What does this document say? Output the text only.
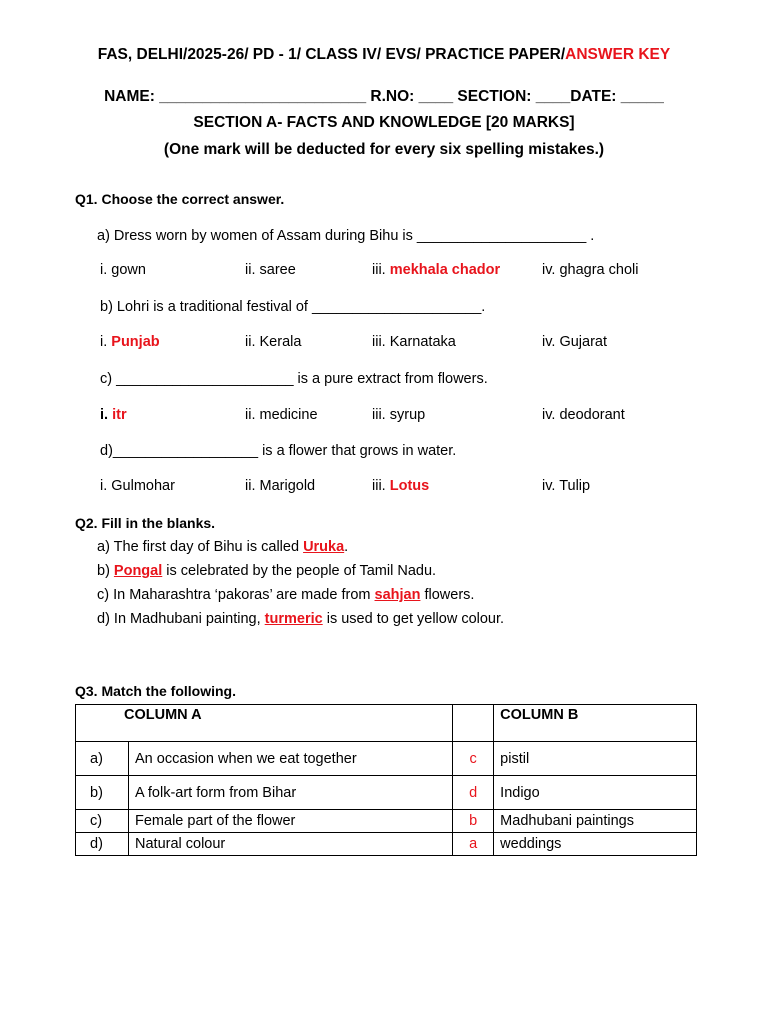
FAS, DELHI/2025-26/ PD - 1/ CLASS IV/ EVS/ PRACTICE PAPER/ANSWER KEY
NAME: ________________________ R.NO: ____ SECTION: ____DATE: _____
SECTION A- FACTS AND KNOWLEDGE [20 MARKS]
(One mark will be deducted for every six spelling mistakes.)
Q1. Choose the correct answer.
a) Dress worn by women of Assam during Bihu is _____________________ .
i. gown	ii. saree	iii. mekhala chador	iv. ghagra choli
b) Lohri is a traditional festival of _____________________.
i. Punjab	ii. Kerala	iii. Karnataka	iv. Gujarat
c) ______________________ is a pure extract from flowers.
i. itr	ii. medicine	iii. syrup	iv. deodorant
d)__________________ is a flower that grows in water.
i. Gulmohar	ii. Marigold	iii. Lotus	iv. Tulip
Q2. Fill in the blanks.
a) The first day of Bihu is called Uruka.
b) Pongal is celebrated by the people of Tamil Nadu.
c) In Maharashtra ‘pakoras’ are made from sahjan flowers.
d) In Madhubani painting, turmeric is used to get yellow colour.
Q3. Match the following.
COLUMN A			COLUMN B
a)	An occasion when we eat together	c	pistil
b)	A folk-art form from Bihar	d	Indigo
c)	Female part of the flower	b	Madhubani paintings
d)	Natural colour	a	weddings
